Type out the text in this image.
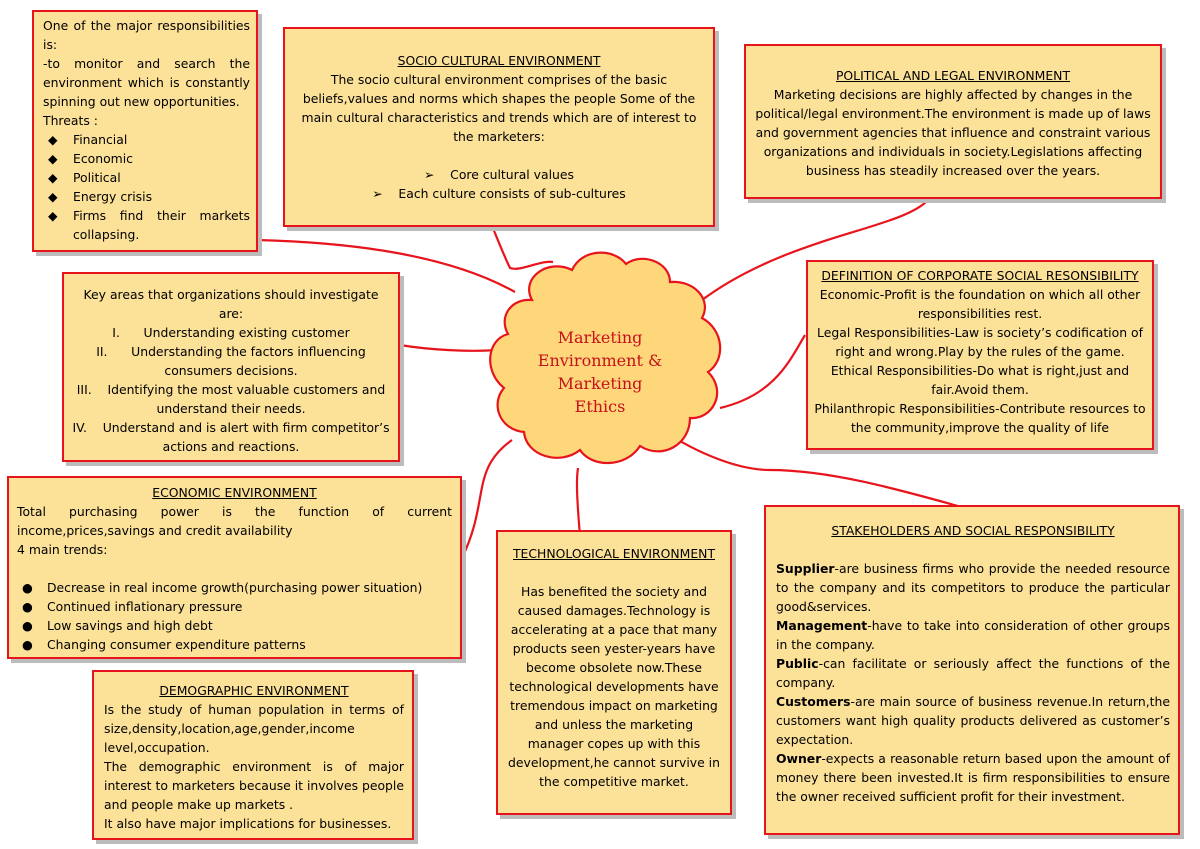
Marketing
Environment &
Marketing
Ethics
One of the major responsibilities is:
-to monitor and search the environment which is constantly spinning out new opportunities.
Threats :
◆ Financial
◆ Economic
◆ Political
◆ Energy crisis
◆ Firms find their markets collapsing.
SOCIO CULTURAL ENVIRONMENT
The socio cultural environment comprises of the basic beliefs,values and norms which shapes the people Some of the main cultural characteristics and trends which are of interest to the marketers:
➢ Core cultural values
➢ Each culture consists of sub-cultures
POLITICAL AND LEGAL ENVIRONMENT
Marketing decisions are highly affected by changes in the political/legal environment.The environment is made up of laws and government agencies that influence and constraint various organizations and individuals in society.Legislations affecting business has steadily increased over the years.
Key areas that organizations should investigate are:
I. Understanding existing customer
II. Understanding the factors influencing consumers decisions.
III. Identifying the most valuable customers and understand their needs.
IV. Understand and is alert with firm competitor’s actions and reactions.
DEFINITION OF CORPORATE SOCIAL RESONSIBILITY
Economic-Profit is the foundation on which all other responsibilities rest.
Legal Responsibilities-Law is society’s codification of right and wrong.Play by the rules of the game.
Ethical Responsibilities-Do what is right,just and fair.Avoid them.
Philanthropic Responsibilities-Contribute resources to the community,improve the quality of life
ECONOMIC ENVIRONMENT
Total purchasing power is the function of current income,prices,savings and credit availability
4 main trends:
● Decrease in real income growth(purchasing power situation)
● Continued inflationary pressure
● Low savings and high debt
● Changing consumer expenditure patterns
TECHNOLOGICAL ENVIRONMENT
Has benefited the society and caused damages.Technology is accelerating at a pace that many products seen yester-years have become obsolete now.These technological developments have tremendous impact on marketing and unless the marketing manager copes up with this development,he cannot survive in the competitive market.
DEMOGRAPHIC ENVIRONMENT
Is the study of human population in terms of size,density,location,age,gender,income level,occupation.
The demographic environment is of major interest to marketers because it involves people and people make up markets .
It also have major implications for businesses.
STAKEHOLDERS AND SOCIAL RESPONSIBILITY
Supplier-are business firms who provide the needed resource to the company and its competitors to produce the particular good&services.
Management-have to take into consideration of other groups in the company.
Public-can facilitate or seriously affect the functions of the company.
Customers-are main source of business revenue.In return,the customers want high quality products delivered as customer’s expectation.
Owner-expects a reasonable return based upon the amount of money there been invested.It is firm responsibilities to ensure the owner received sufficient profit for their investment.
